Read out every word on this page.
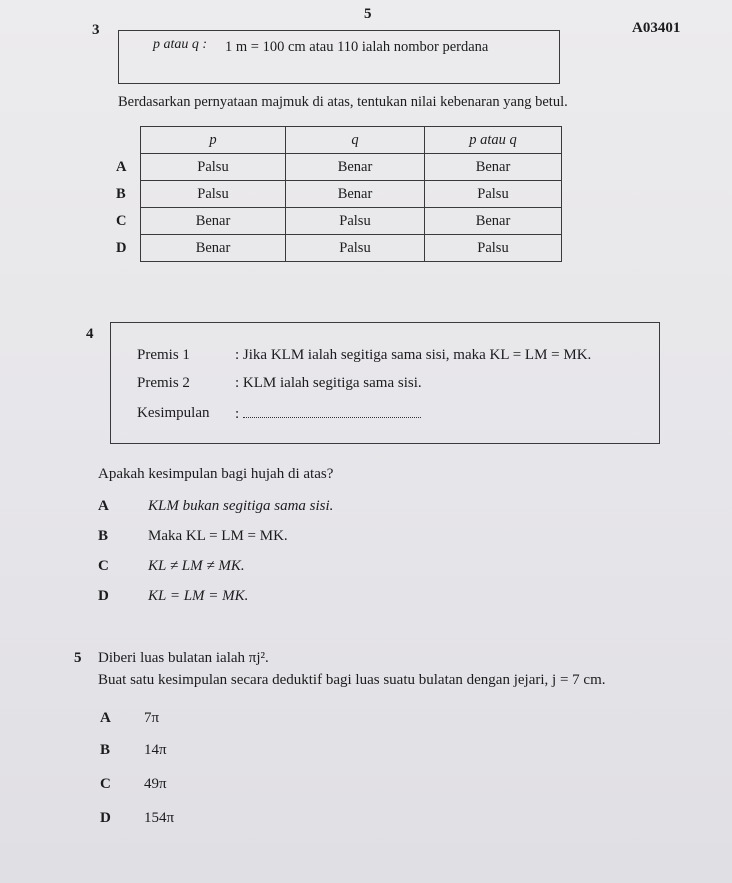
5
A03401
3
p atau q : 1 m = 100 cm atau 110 ialah nombor perdana
Berdasarkan pernyataan majmuk di atas, tentukan nilai kebenaran yang betul.
	p	q	p atau q
A	Palsu	Benar	Benar
B	Palsu	Benar	Palsu
C	Benar	Palsu	Benar
D	Benar	Palsu	Palsu
4
Premis 1	: Jika KLM ialah segitiga sama sisi, maka KL = LM = MK.
Premis 2	: KLM ialah segitiga sama sisi.
Kesimpulan :
Apakah kesimpulan bagi hujah di atas?
A	KLM bukan segitiga sama sisi.
B	Maka KL = LM = MK.
C	KL ≠ LM ≠ MK.
D	KL = LM = MK.
5 Diberi luas bulatan ialah πj².
Buat satu kesimpulan secara deduktif bagi luas suatu bulatan dengan jejari, j = 7 cm.
A 7π
B 14π
C 49π
D 154π
